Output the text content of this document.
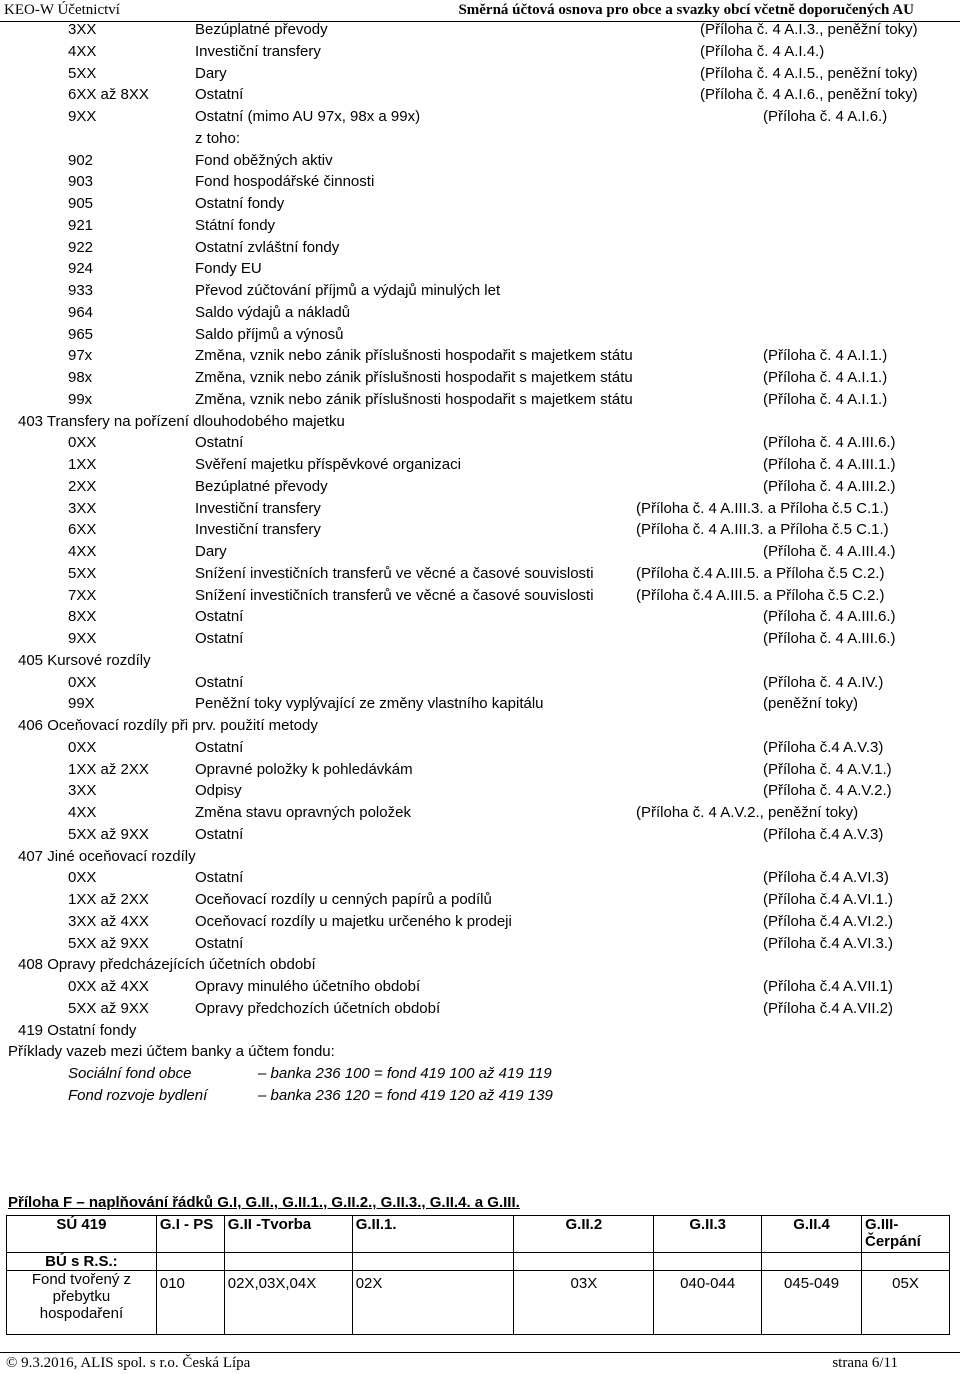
KEO-W Účetnictví	Směrná účtová osnova pro obce a svazky obcí včetně doporučených AU
3XX	Bezúplatné převody	(Příloha č. 4 A.I.3., peněžní toky)
4XX	Investiční transfery	(Příloha č. 4 A.I.4.)
5XX	Dary	(Příloha č. 4 A.I.5., peněžní toky)
6XX až 8XX	Ostatní	(Příloha č. 4 A.I.6., peněžní toky)
9XX	Ostatní (mimo AU 97x, 98x a 99x)	(Příloha č. 4 A.I.6.)
z toho:
902	Fond oběžných aktiv
903	Fond hospodářské činnosti
905	Ostatní fondy
921	Státní fondy
922	Ostatní zvláštní fondy
924	Fondy EU
933	Převod zúčtování příjmů a výdajů minulých let
964	Saldo výdajů a nákladů
965	Saldo příjmů a výnosů
97x	Změna, vznik nebo zánik příslušnosti hospodařit s majetkem státu	(Příloha č. 4 A.I.1.)
98x	Změna, vznik nebo zánik příslušnosti hospodařit s majetkem státu	(Příloha č. 4 A.I.1.)
99x	Změna, vznik nebo zánik příslušnosti hospodařit s majetkem státu	(Příloha č. 4 A.I.1.)
403 Transfery na pořízení dlouhodobého majetku
0XX	Ostatní	(Příloha č. 4 A.III.6.)
1XX	Svěření majetku příspěvkové organizaci	(Příloha č. 4 A.III.1.)
2XX	Bezúplatné převody	(Příloha č. 4 A.III.2.)
3XX	Investiční transfery	(Příloha č. 4 A.III.3. a Příloha č.5 C.1.)
6XX	Investiční transfery	(Příloha č. 4 A.III.3. a Příloha č.5 C.1.)
4XX	Dary	(Příloha č. 4 A.III.4.)
5XX	Snížení investičních transferů ve věcné a časové souvislosti	(Příloha č.4 A.III.5. a Příloha č.5 C.2.)
7XX	Snížení investičních transferů ve věcné a časové souvislosti	(Příloha č.4 A.III.5. a Příloha č.5 C.2.)
8XX	Ostatní	(Příloha č. 4 A.III.6.)
9XX	Ostatní	(Příloha č. 4 A.III.6.)
405 Kursové rozdíly
0XX	Ostatní	(Příloha č. 4 A.IV.)
99X	Peněžní toky vyplývající ze změny vlastního kapitálu	(peněžní toky)
406 Oceňovací rozdíly při prv. použití metody
0XX	Ostatní	(Příloha č.4 A.V.3)
1XX až 2XX	Opravné položky k pohledávkám	(Příloha č. 4 A.V.1.)
3XX	Odpisy	(Příloha č. 4 A.V.2.)
4XX	Změna stavu opravných položek	(Příloha č. 4 A.V.2., peněžní toky)
5XX až 9XX	Ostatní	(Příloha č.4 A.V.3)
407 Jiné oceňovací rozdíly
0XX	Ostatní	(Příloha č.4 A.VI.3)
1XX až 2XX	Oceňovací rozdíly u cenných papírů a podílů	(Příloha č.4 A.VI.1.)
3XX až 4XX	Oceňovací rozdíly u majetku určeného k prodeji	(Příloha č.4 A.VI.2.)
5XX až 9XX	Ostatní	(Příloha č.4 A.VI.3.)
408 Opravy předcházejících účetních období
0XX až 4XX	Opravy minulého účetního období	(Příloha č.4 A.VII.1)
5XX až 9XX	Opravy předchozích účetních období	(Příloha č.4 A.VII.2)
419 Ostatní fondy
Příklady vazeb mezi účtem banky a účtem fondu:
Sociální fond obce	– banka 236 100 = fond 419 100 až 419 119
Fond rozvoje bydlení	– banka 236 120 = fond 419 120 až 419 139
Příloha F – naplňování řádků G.I, G.II., G.II.1., G.II.2., G.II.3., G.II.4. a G.III.
SÚ 419	G.I - PS	G.II -Tvorba	G.II.1.	G.II.2	G.II.3	G.II.4	G.III-Čerpání
BÚ s R.S.:							
Fond tvořený z přebytku hospodaření	010	02X,03X,04X	02X	03X	040-044	045-049	05X
© 9.3.2016, ALIS spol. s r.o. Česká Lípa	strana 6/11
